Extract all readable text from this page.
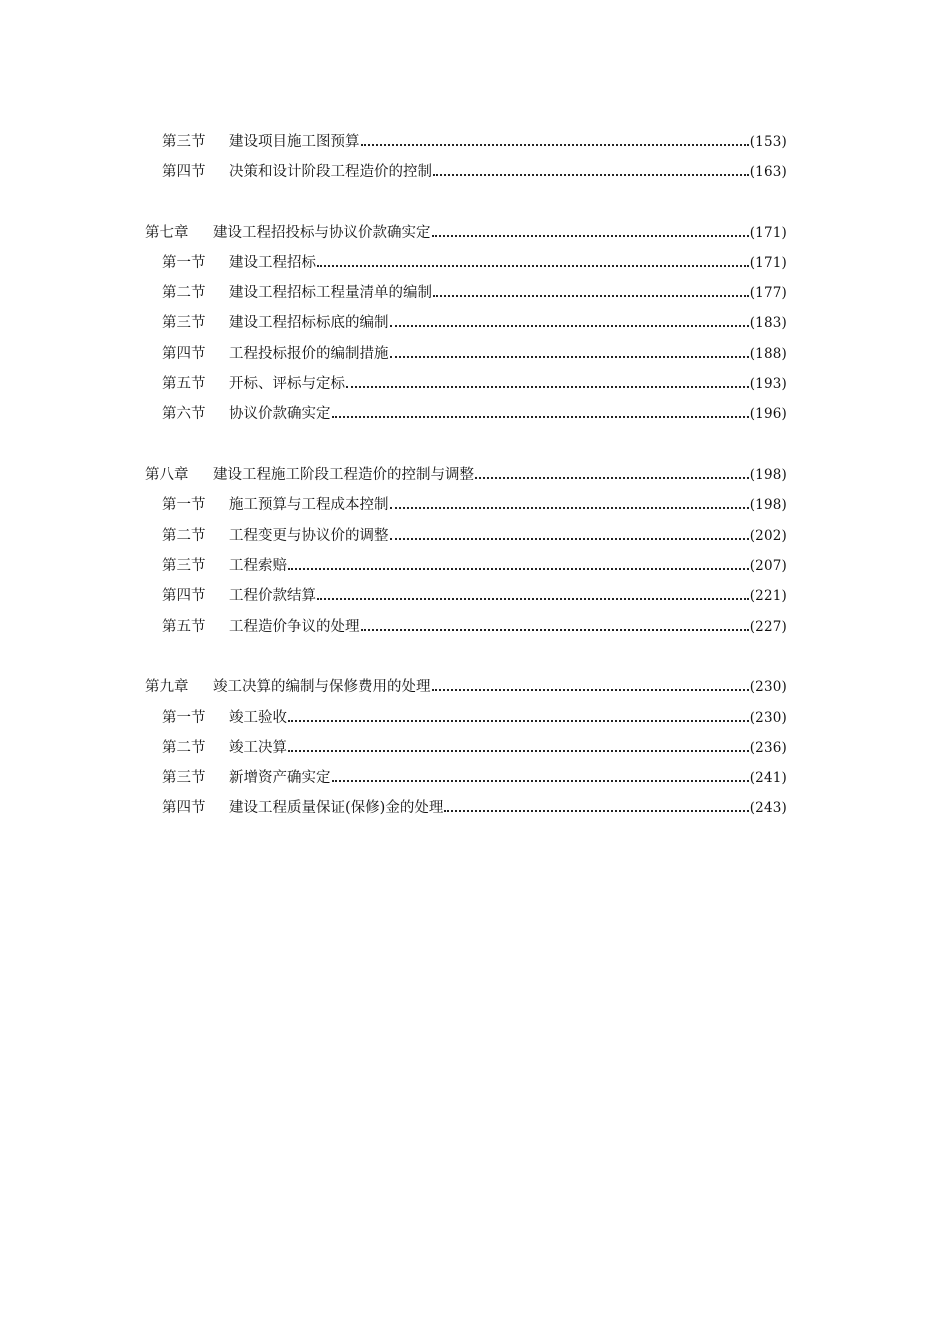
第三节	建设项目施工图预算	(153)
第四节	决策和设计阶段工程造价的控制	(163)
第七章	建设工程招投标与协议价款确实定	(171)
第一节	建设工程招标	(171)
第二节	建设工程招标工程量清单的编制	(177)
第三节	建设工程招标标底的编制	(183)
第四节	工程投标报价的编制措施	(188)
第五节	开标、评标与定标	(193)
第六节	协议价款确实定	(196)
第八章	建设工程施工阶段工程造价的控制与调整	(198)
第一节	施工预算与工程成本控制	(198)
第二节	工程变更与协议价的调整	(202)
第三节	工程索赔	(207)
第四节	工程价款结算	(221)
第五节	工程造价争议的处理	(227)
第九章	竣工决算的编制与保修费用的处理	(230)
第一节	竣工验收	(230)
第二节	竣工决算	(236)
第三节	新增资产确实定	(241)
第四节	建设工程质量保证(保修)金的处理	(243)
